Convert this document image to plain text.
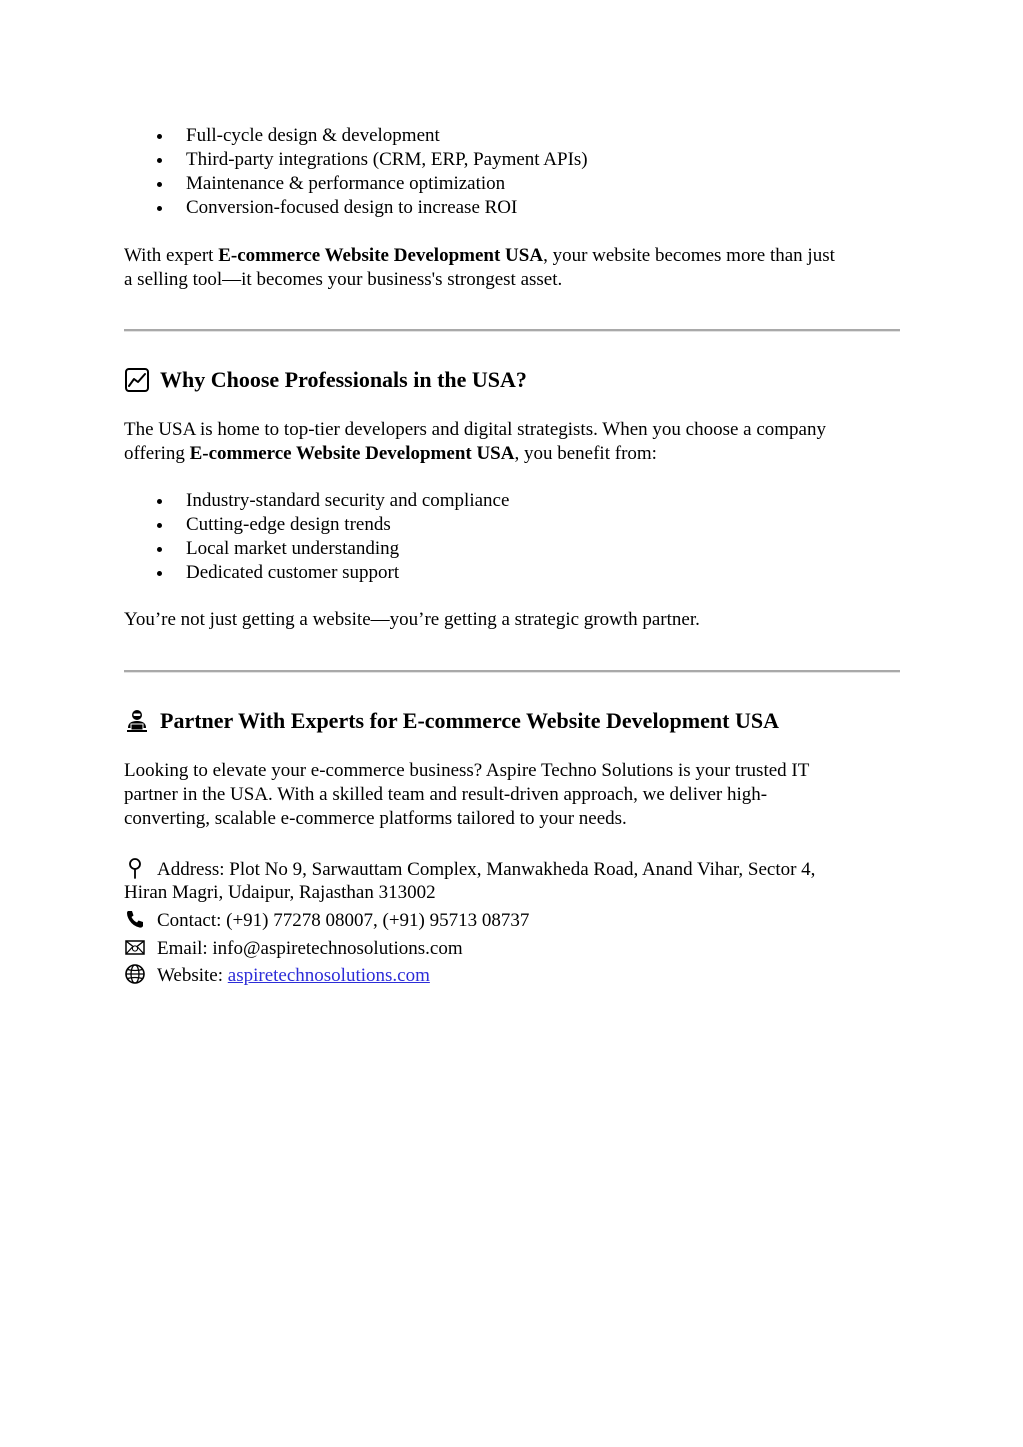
Full-cycle design & development
Third-party integrations (CRM, ERP, Payment APIs)
Maintenance & performance optimization
Conversion-focused design to increase ROI

With expert E-commerce Website Development USA, your website becomes more than just
a selling tool—it becomes your business's strongest asset.

Why Choose Professionals in the USA?

The USA is home to top-tier developers and digital strategists. When you choose a company
offering E-commerce Website Development USA, you benefit from:

Industry-standard security and compliance
Cutting-edge design trends
Local market understanding
Dedicated customer support

You’re not just getting a website—you’re getting a strategic growth partner.

Partner With Experts for E-commerce Website Development USA

Looking to elevate your e-commerce business? Aspire Techno Solutions is your trusted IT
partner in the USA. With a skilled team and result-driven approach, we deliver high-
converting, scalable e-commerce platforms tailored to your needs.

Address: Plot No 9, Sarwauttam Complex, Manwakheda Road, Anand Vihar, Sector 4,
Hiran Magri, Udaipur, Rajasthan 313002
Contact: (+91) 77278 08007, (+91) 95713 08737
Email: info@aspiretechnosolutions.com
Website: aspiretechnosolutions.com
